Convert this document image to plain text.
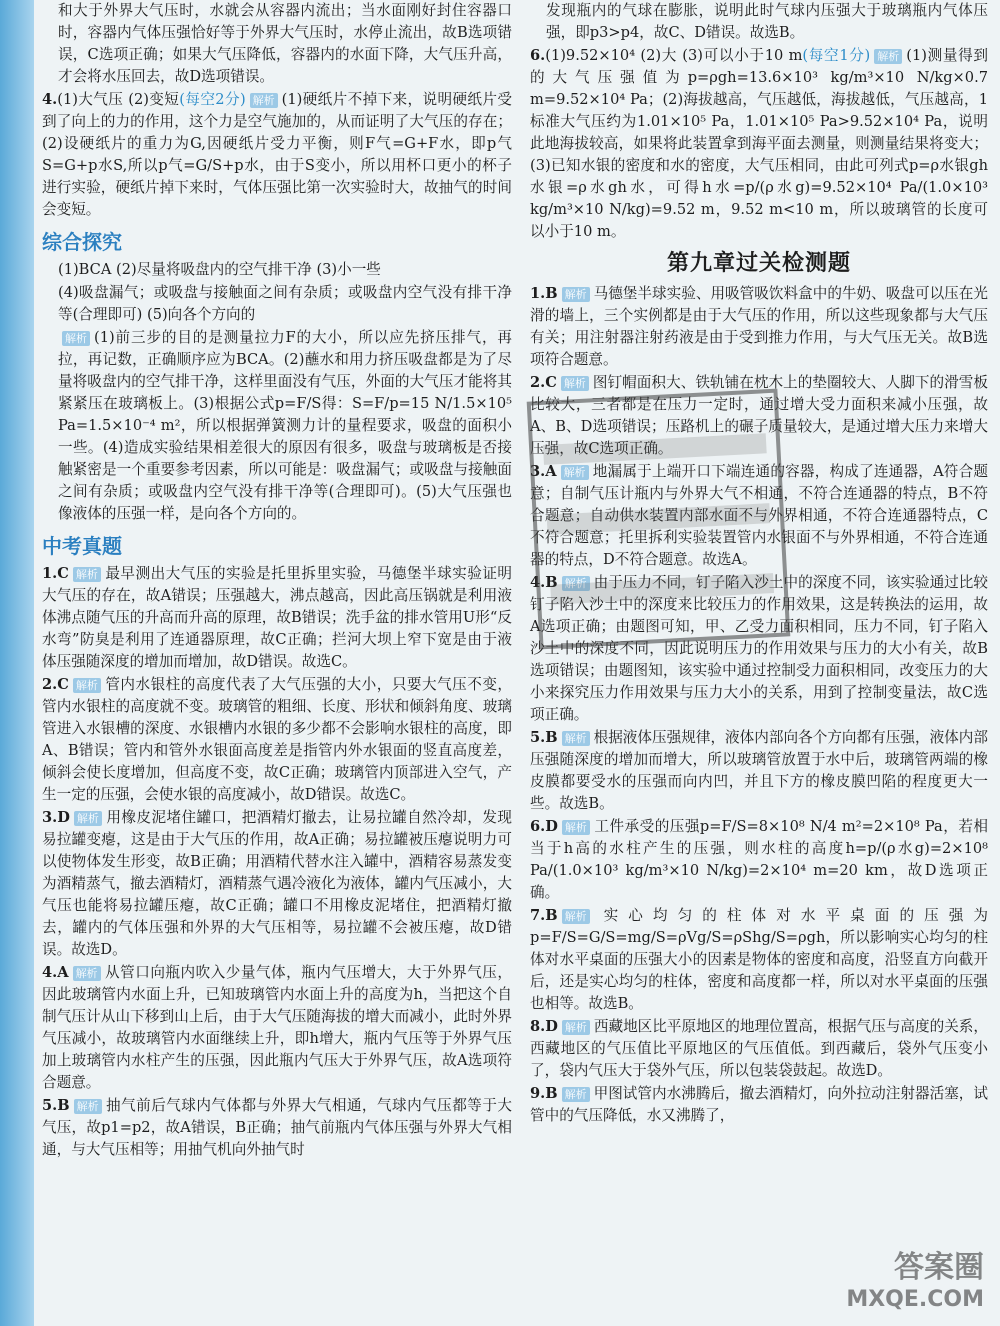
和大于外界大气压时，水就会从容器内流出；当水面刚好封住容器口时，容器内气体压强恰好等于外界大气压时，水停止流出，故B选项错误，C选项正确；如果大气压降低，容器内的水面下降，大气压升高，才会将水压回去，故D选项错误。

4.(1)大气压 (2)变短(每空2分) 解析 (1)硬纸片不掉下来，说明硬纸片受到了向上的力的作用，这个力是空气施加的，从而证明了大气压的存在；(2)设硬纸片的重力为G,因硬纸片受力平衡，则F气=G+F水，即p气S=G+p水S,所以p气=G/S+p水，由于S变小，所以用杯口更小的杯子进行实验，硬纸片掉下来时，气体压强比第一次实验时大，故抽气的时间会变短。

综合探究

(1)BCA (2)尽量将吸盘内的空气排干净 (3)小一些

(4)吸盘漏气；或吸盘与接触面之间有杂质；或吸盘内空气没有排干净等(合理即可) (5)向各个方向的

解析 (1)前三步的目的是测量拉力F的大小，所以应先挤压排气，再拉，再记数，正确顺序应为BCA。(2)蘸水和用力挤压吸盘都是为了尽量将吸盘内的空气排干净，这样里面没有气压，外面的大气压才能将其紧紧压在玻璃板上。(3)根据公式p=F/S得：S=F/p=15 N/1.5×10⁵ Pa=1.5×10⁻⁴ m²，所以根据弹簧测力计的量程要求，吸盘的面积小一些。(4)造成实验结果相差很大的原因有很多，吸盘与玻璃板是否接触紧密是一个重要参考因素，所以可能是：吸盘漏气；或吸盘与接触面之间有杂质；或吸盘内空气没有排干净等(合理即可)。(5)大气压强也像液体的压强一样，是向各个方向的。

中考真题

1.C 解析 最早测出大气压的实验是托里拆里实验，马德堡半球实验证明大气压的存在，故A错误；压强越大，沸点越高，因此高压锅就是利用液体沸点随气压的升高而升高的原理，故B错误；洗手盆的排水管用U形“反水弯”防臭是利用了连通器原理，故C正确；拦河大坝上窄下宽是由于液体压强随深度的增加而增加，故D错误。故选C。

2.C 解析 管内水银柱的高度代表了大气压强的大小，只要大气压不变，管内水银柱的高度就不变。玻璃管的粗细、长度、形状和倾斜角度、玻璃管进入水银槽的深度、水银槽内水银的多少都不会影响水银柱的高度，即A、B错误；管内和管外水银面高度差是指管内外水银面的竖直高度差，倾斜会使长度增加，但高度不变，故C正确；玻璃管内顶部进入空气，产生一定的压强，会使水银的高度减小，故D错误。故选C。

3.D 解析 用橡皮泥堵住罐口，把酒精灯撤去，让易拉罐自然冷却，发现易拉罐变瘪，这是由于大气压的作用，故A正确；易拉罐被压瘪说明力可以使物体发生形变，故B正确；用酒精代替水注入罐中，酒精容易蒸发变为酒精蒸气，撤去酒精灯，酒精蒸气遇冷液化为液体，罐内气压减小，大气压也能将易拉罐压瘪，故C正确；罐口不用橡皮泥堵住，把酒精灯撤去，罐内的气体压强和外界的大气压相等，易拉罐不会被压瘪，故D错误。故选D。

4.A 解析 从管口向瓶内吹入少量气体，瓶内气压增大，大于外界气压，因此玻璃管内水面上升，已知玻璃管内水面上升的高度为h，当把这个自制气压计从山下移到山上后，由于大气压随海拔的增大而减小，此时外界气压减小，故玻璃管内水面继续上升，即h增大，瓶内气压等于外界气压加上玻璃管内水柱产生的压强，因此瓶内气压大于外界气压，故A选项符合题意。

5.B 解析 抽气前后气球内气体都与外界大气相通，气球内气压都等于大气压，故p1=p2，故A错误，B正确；抽气前瓶内气体压强与外界大气相通，与大气压相等；用抽气机向外抽气时

发现瓶内的气球在膨胀，说明此时气球内压强大于玻璃瓶内气体压强，即p3>p4，故C、D错误。故选B。

6.(1)9.52×10⁴ (2)大 (3)可以小于10 m(每空1分) 解析 (1)测量得到的大气压强值为p=ρgh=13.6×10³ kg/m³×10 N/kg×0.7 m=9.52×10⁴ Pa；(2)海拔越高，气压越低，海拔越低，气压越高，1标准大气压约为1.01×10⁵ Pa，1.01×10⁵ Pa>9.52×10⁴ Pa，说明此地海拔较高，如果将此装置拿到海平面去测量，则测量结果将变大；(3)已知水银的密度和水的密度，大气压相同，由此可列式p=ρ水银gh水银=ρ水gh水，可得h水=p/(ρ水g)=9.52×10⁴ Pa/(1.0×10³ kg/m³×10 N/kg)=9.52 m，9.52 m<10 m，所以玻璃管的长度可以小于10 m。

第九章过关检测题

1.B 解析 马德堡半球实验、用吸管吸饮料盒中的牛奶、吸盘可以压在光滑的墙上，三个实例都是由于大气压的作用，所以这些现象都与大气压有关；用注射器注射药液是由于受到推力作用，与大气压无关。故B选项符合题意。

2.C 解析 图钉帽面积大、铁轨铺在枕木上的垫圈较大、人脚下的滑雪板比较大，三者都是在压力一定时，通过增大受力面积来减小压强，故A、B、D选项错误；压路机上的碾子质量较大，是通过增大压力来增大压强，故C选项正确。

3.A 解析 地漏属于上端开口下端连通的容器，构成了连通器，A符合题意；自制气压计瓶内与外界大气不相通，不符合连通器的特点，B不符合题意；自动供水装置内部水面不与外界相通，不符合连通器特点，C不符合题意；托里拆利实验装置管内水银面不与外界相通，不符合连通器的特点，D不符合题意。故选A。

4.B 解析 由于压力不同，钉子陷入沙土中的深度不同，该实验通过比较钉子陷入沙土中的深度来比较压力的作用效果，这是转换法的运用，故A选项正确；由题图可知，甲、乙受力面积相同，压力不同，钉子陷入沙土中的深度不同，因此说明压力的作用效果与压力的大小有关，故B选项错误；由题图知，该实验中通过控制受力面积相同，改变压力的大小来探究压力作用效果与压力大小的关系，用到了控制变量法，故C选项正确。

5.B 解析 根据液体压强规律，液体内部向各个方向都有压强，液体内部压强随深度的增加而增大，所以玻璃管放置于水中后，玻璃管两端的橡皮膜都要受水的压强而向内凹，并且下方的橡皮膜凹陷的程度更大一些。故选B。

6.D 解析 工件承受的压强p=F/S=8×10⁸ N/4 m²=2×10⁸ Pa，若相当于h高的水柱产生的压强，则水柱的高度h=p/(ρ水g)=2×10⁸ Pa/(1.0×10³ kg/m³×10 N/kg)=2×10⁴ m=20 km，故D选项正确。

7.B 解析 实心均匀的柱体对水平桌面的压强为p=F/S=G/S=mg/S=ρVg/S=ρShg/S=ρgh，所以影响实心均匀的柱体对水平桌面的压强大小的因素是物体的密度和高度，沿竖直方向截开后，还是实心均匀的柱体，密度和高度都一样，所以对水平桌面的压强也相等。故选B。

8.D 解析 西藏地区比平原地区的地理位置高，根据气压与高度的关系，西藏地区的气压值比平原地区的气压值低。到西藏后，袋外气压变小了，袋内气压大于袋外气压，所以包装袋鼓起。故选D。

9.B 解析 甲图试管内水沸腾后，撤去酒精灯，向外拉动注射器活塞，试管中的气压降低，水又沸腾了，

答案圈
MXQE.COM
